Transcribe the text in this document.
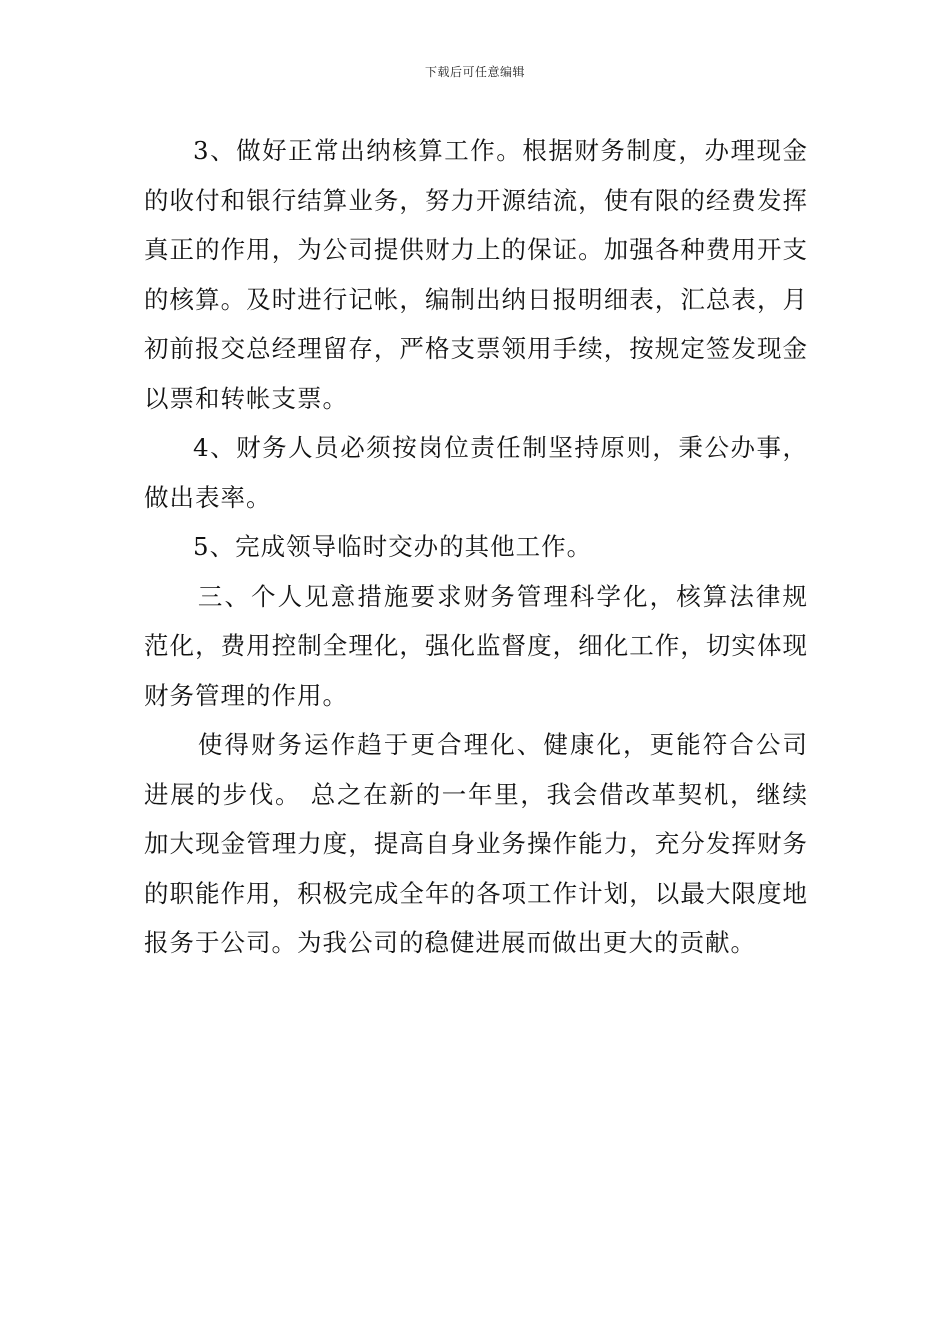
下载后可任意编辑

3、做好正常出纳核算工作。根据财务制度，办理现金的收付和银行结算业务，努力开源结流，使有限的经费发挥真正的作用，为公司提供财力上的保证。加强各种费用开支的核算。及时进行记帐，编制出纳日报明细表，汇总表，月初前报交总经理留存，严格支票领用手续，按规定签发现金以票和转帐支票。

4、财务人员必须按岗位责任制坚持原则，秉公办事，做出表率。

5、完成领导临时交办的其他工作。

三、个人见意措施要求财务管理科学化，核算法律规范化，费用控制全理化，强化监督度，细化工作，切实体现财务管理的作用。

使得财务运作趋于更合理化、健康化，更能符合公司进展的步伐。 总之在新的一年里，我会借改革契机，继续加大现金管理力度，提高自身业务操作能力，充分发挥财务的职能作用，积极完成全年的各项工作计划，以最大限度地报务于公司。为我公司的稳健进展而做出更大的贡献。
